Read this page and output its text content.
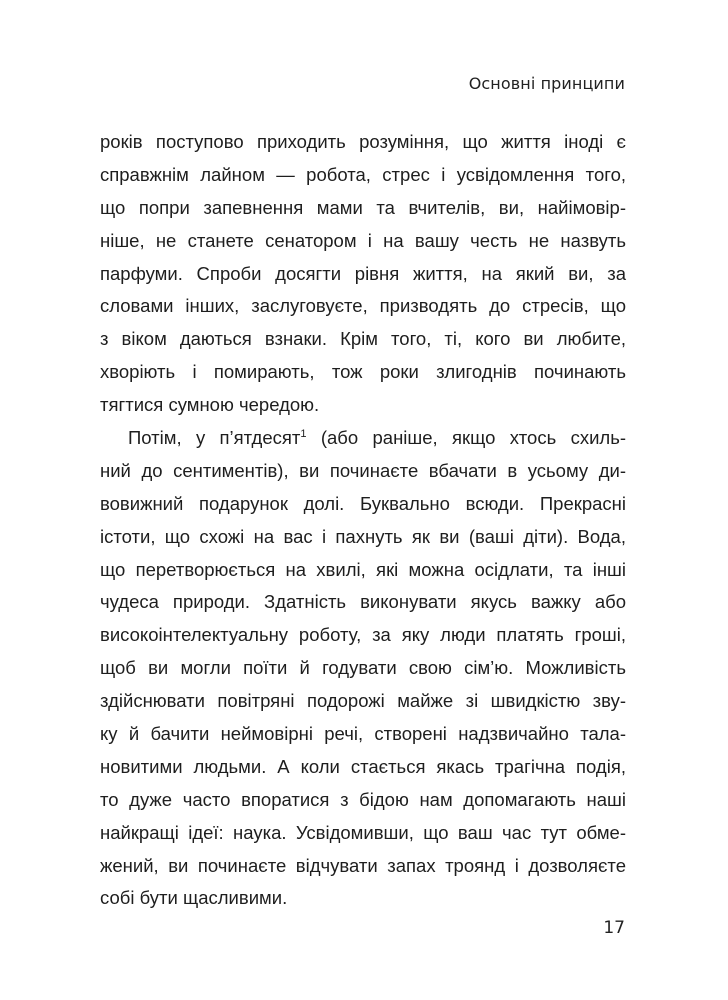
Основні принципи
років поступово приходить розуміння, що життя іноді є
справжнім лайном — робота, стрес і усвідомлення того,
що попри запевнення мами та вчителів, ви, найімовір-
ніше, не станете сенатором і на вашу честь не назвуть
парфуми. Спроби досягти рівня життя, на який ви, за
словами інших, заслуговуєте, призводять до стресів, що
з віком даються взнаки. Крім того, ті, кого ви любите,
хворіють і помирають, тож роки злигоднів починають
тягтися сумною чередою.
Потім, у п’ятдесят$^1$ (або раніше, якщо хтось схиль-
ний до сентиментів), ви починаєте вбачати в усьому ди-
вовижний подарунок долі. Буквально всюди. Прекрасні
істоти, що схожі на вас і пахнуть як ви (ваші діти). Вода,
що перетворюється на хвилі, які можна осідлати, та інші
чудеса природи. Здатність виконувати якусь важку або
високоінтелектуальну роботу, за яку люди платять гроші,
щоб ви могли поїти й годувати свою сім’ю. Можливість
здійснювати повітряні подорожі майже зі швидкістю зву-
ку й бачити неймовірні речі, створені надзвичайно тала-
новитими людьми. А коли стається якась трагічна подія,
то дуже часто впоратися з бідою нам допомагають наші
найкращі ідеї: наука. Усвідомивши, що ваш час тут обме-
жений, ви починаєте відчувати запах троянд і дозволяєте
собі бути щасливими.
17
